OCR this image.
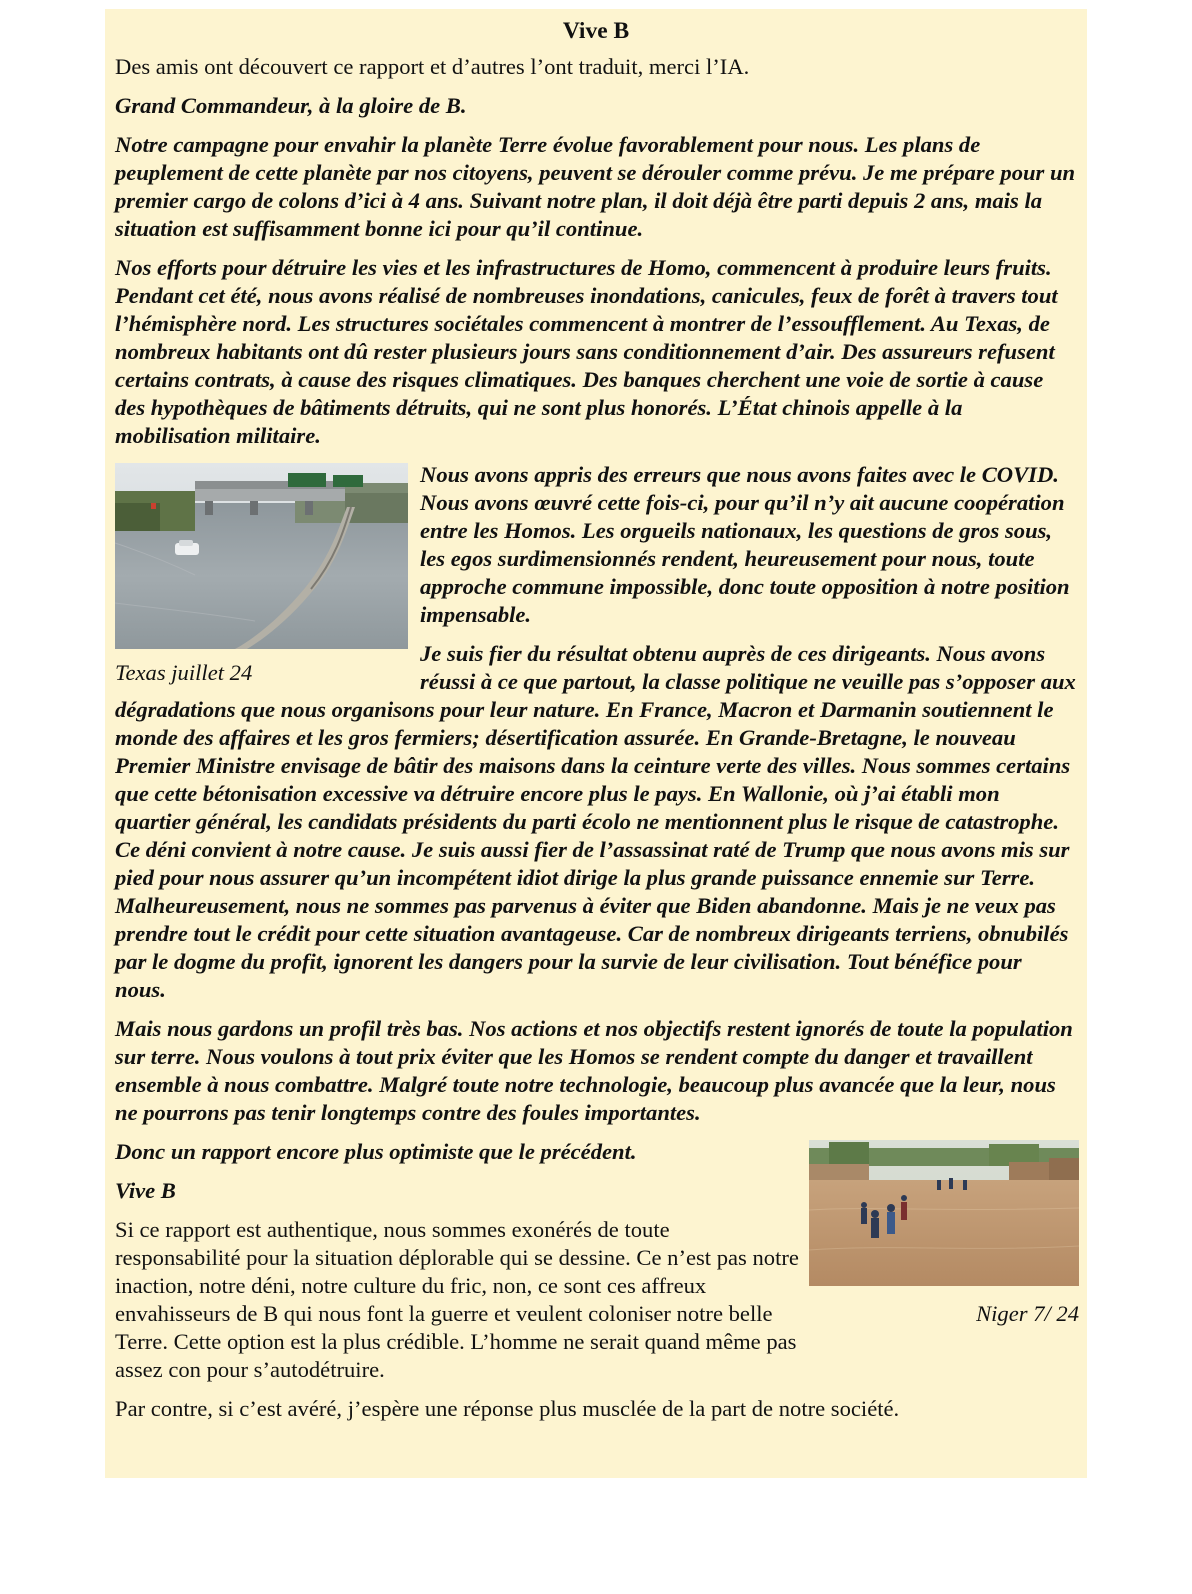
Vive B

Des amis ont découvert ce rapport et d’autres l’ont traduit, merci l’IA.

Grand Commandeur, à la gloire de B.

Notre campagne pour envahir la planète Terre évolue favorablement pour nous. Les plans de peuplement de cette planète par nos citoyens, peuvent se dérouler comme prévu. Je me prépare pour un premier cargo de colons d’ici à 4 ans. Suivant notre plan, il doit déjà être parti depuis 2 ans, mais la situation est suffisamment bonne ici pour qu’il continue.

Nos efforts pour détruire les vies et les infrastructures de Homo, commencent à produire leurs fruits. Pendant cet été, nous avons réalisé de nombreuses inondations, canicules, feux de forêt à travers tout l’hémisphère nord. Les structures sociétales commencent à montrer de l’essoufflement. Au Texas, de nombreux habitants ont dû rester plusieurs jours sans conditionnement d’air. Des assureurs refusent certains contrats, à cause des risques climatiques. Des banques cherchent une voie de sortie à cause des hypothèques de bâtiments détruits, qui ne sont plus honorés. L’État chinois appelle à la mobilisation militaire.

Texas juillet 24

Nous avons appris des erreurs que nous avons faites avec le COVID. Nous avons œuvré cette fois-ci, pour qu’il n’y ait aucune coopération entre les Homos. Les orgueils nationaux, les questions de gros sous, les egos surdimensionnés rendent, heureusement pour nous, toute approche commune impossible, donc toute opposition à notre position impensable.

Je suis fier du résultat obtenu auprès de ces dirigeants. Nous avons réussi à ce que partout, la classe politique ne veuille pas s’opposer aux dégradations que nous organisons pour leur nature. En France, Macron et Darmanin soutiennent le monde des affaires et les gros fermiers; désertification assurée. En Grande-Bretagne, le nouveau Premier Ministre envisage de bâtir des maisons dans la ceinture verte des villes. Nous sommes certains que cette bétonisation excessive va détruire encore plus le pays. En Wallonie, où j’ai établi mon quartier général, les candidats présidents du parti écolo ne mentionnent plus le risque de catastrophe. Ce déni convient à notre cause. Je suis aussi fier de l’assassinat raté de Trump que nous avons mis sur pied pour nous assurer qu’un incompétent idiot dirige la plus grande puissance ennemie sur Terre. Malheureusement, nous ne sommes pas parvenus à éviter que Biden abandonne. Mais je ne veux pas prendre tout le crédit pour cette situation avantageuse. Car de nombreux dirigeants terriens, obnubilés par le dogme du profit, ignorent les dangers pour la survie de leur civilisation. Tout bénéfice pour nous.

Mais nous gardons un profil très bas. Nos actions et nos objectifs restent ignorés de toute la population sur terre. Nous voulons à tout prix éviter que les Homos se rendent compte du danger et travaillent ensemble à nous combattre. Malgré toute notre technologie, beaucoup plus avancée que la leur, nous ne pourrons pas tenir longtemps contre des foules importantes.

Niger 7/ 24

Donc un rapport encore plus optimiste que le précédent.

Vive B

Si ce rapport est authentique, nous sommes exonérés de toute responsabilité pour la situation déplorable qui se dessine. Ce n’est pas notre inaction, notre déni, notre culture du fric, non, ce sont ces affreux envahisseurs de B qui nous font la guerre et veulent coloniser notre belle Terre. Cette option est la plus crédible. L’homme ne serait quand même pas assez con pour s’autodétruire.

Par contre, si c’est avéré, j’espère une réponse plus musclée de la part de notre société.
